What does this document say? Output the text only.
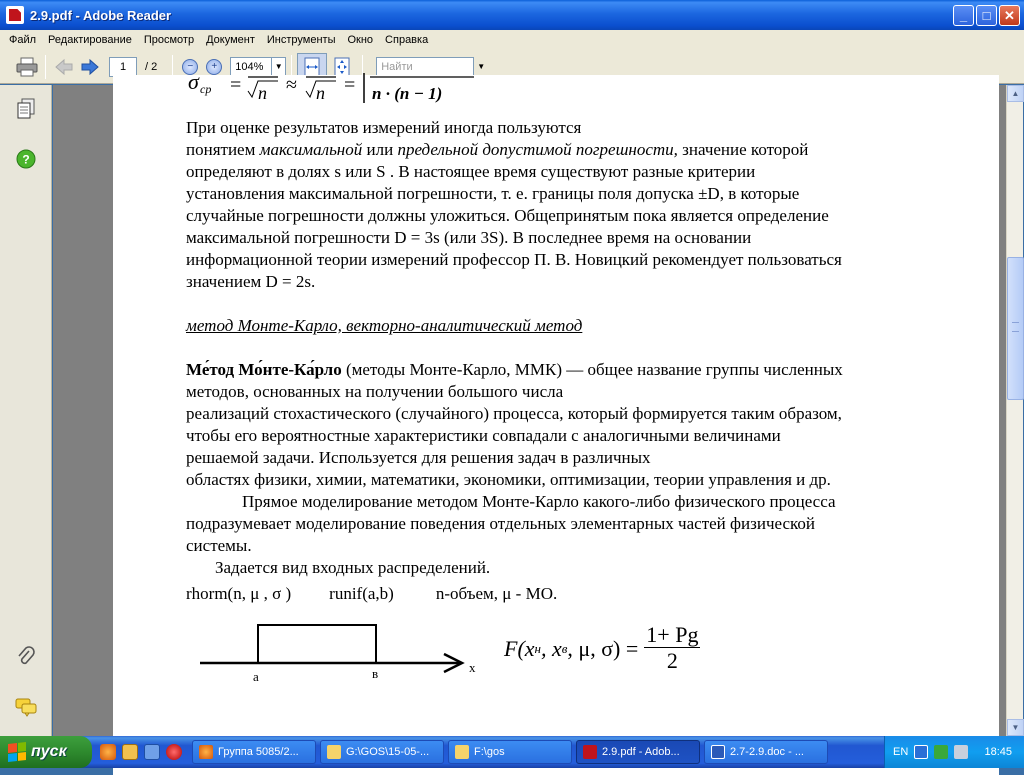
2.9.pdf - Adobe Reader	_	□	✕
Файл	Редактирование	Просмотр	Документ	Инструменты	Окно	Справка
1	/ 2	−	+	104%	▼	Найти	▼
?
σ cp = n ≈ n = n · (n − 1)

При оценке результатов измерений иногда пользуются

понятием максимальной или предельной допустимой погрешности, значение которой

определяют в долях s или S . В настоящее время существуют разные критерии

установления максимальной погрешности, т. е. границы поля допуска ±D, в которые

случайные погрешности должны уложиться. Общепринятым пока является определение

максимальной погрешности D = 3s (или 3S). В последнее время на основании

информационной теории измерений профессор П. В. Новицкий рекомендует пользоваться

значением D = 2s.

метод Монте-Карло, векторно-аналитический метод

Ме́тод Мо́нте-Ка́рло (методы Монте-Карло, ММК) — общее название группы численных

методов, основанных на получении большого числа

реализаций стохастического (случайного) процесса, который формируется таким образом,

чтобы его вероятностные характеристики совпадали с аналогичными величинами

решаемой задачи. Используется для решения задач в различных

областях физики, химии, математики, экономики, оптимизации, теории управления и др.

Прямое моделирование методом Монте-Карло какого-либо физического процесса

подразумевает моделирование поведения отдельных элементарных частей физической

системы.

Задается вид входных распределений.

rhorm(n, μ , σ ) runif(a,b) n-объем, μ - МО.

а	в	x
F(x н , x в , μ, $\sigma) = \frac{1+ Pg}{2}$
▲
▼
пуск	Группа 5085/2...	G:\GOS\15-05-...	F:\gos	2.9.pdf - Adob...	2.7-2.9.doc - ...	EN	18:45
